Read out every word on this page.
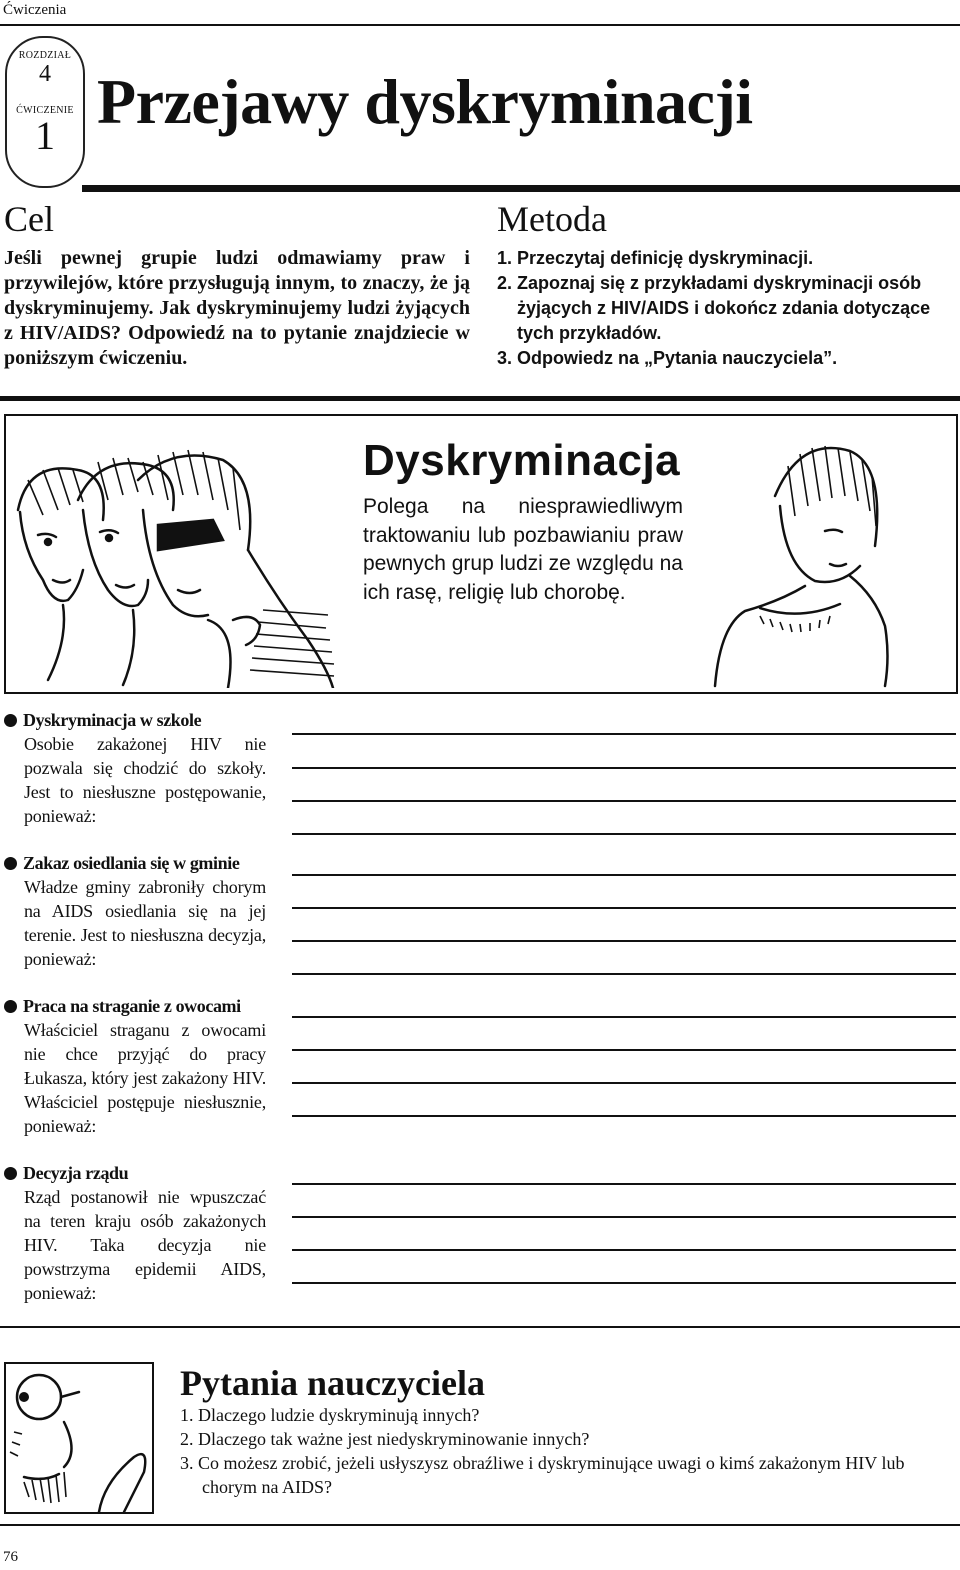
Ćwiczenia
ROZDZIAŁ
4
ĆWICZENIE
1 Przejawy dyskryminacji
Cel
Jeśli pewnej grupie ludzi odmawiamy praw i przywilejów, które przysługują innym, to znaczy, że ją dyskryminujemy. Jak dyskryminujemy ludzi żyjących z HIV/AIDS? Odpowiedź na to pytanie znajdziecie w poniższym ćwiczeniu.
Metoda
1. Przeczytaj definicję dyskryminacji.
2. Zapoznaj się z przykładami dyskryminacji osób żyjących z HIV/AIDS i dokończ zdania dotyczące tych przykładów.
3. Odpowiedz na „Pytania nauczyciela”.
Dyskryminacja
Polega na niesprawiedliwym traktowaniu lub pozbawianiu praw pewnych grup ludzi ze względu na ich rasę, religię lub chorobę.
Dyskryminacja w szkole
Osobie zakażonej HIV nie pozwala się chodzić do szkoły. Jest to niesłuszne postępowanie, ponieważ:
Zakaz osiedlania się w gminie
Władze gminy zabroniły chorym na AIDS osiedlania się na jej terenie. Jest to niesłuszna decyzja, ponieważ:
Praca na straganie z owocami
Właściciel straganu z owocami nie chce przyjąć do pracy Łukasza, który jest zakażony HIV. Właściciel postępuje niesłusznie, ponieważ:
Decyzja rządu
Rząd postanowił nie wpuszczać na teren kraju osób zakażonych HIV. Taka decyzja nie powstrzyma epidemii AIDS, ponieważ:
Pytania nauczyciela
1. Dlaczego ludzie dyskryminują innych?
2. Dlaczego tak ważne jest niedyskryminowanie innych?
3. Co możesz zrobić, jeżeli usłyszysz obraźliwe i dyskryminujące uwagi o kimś zakażonym HIV lub chorym na AIDS?
76
